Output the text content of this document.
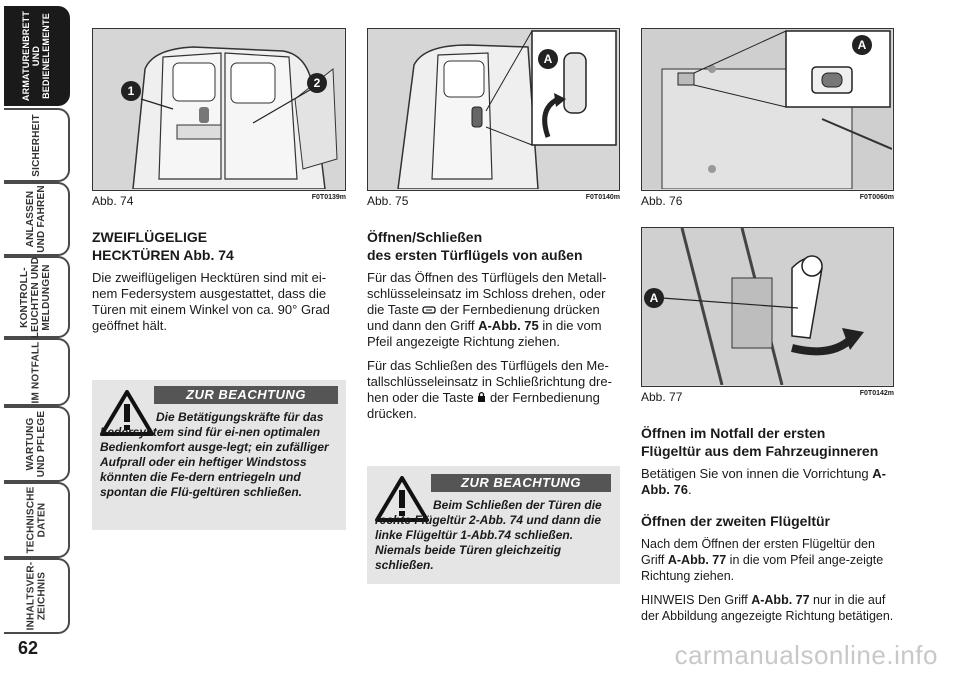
ARMATURENBRETT
UND
BEDIENELEMENTE
SICHERHEIT
ANLASSEN
UND FAHREN
KONTROLL-
LEUCHTEN UND
MELDUNGEN
IM NOTFALL
WARTUNG
UND PFLEGE
TECHNISCHE
DATEN
INHALTSVER-
ZEICHNIS
62
1
2
Abb. 74	F0T0139m
A
Abb. 75	F0T0140m
A
Abb. 76	F0T0060m
A
Abb. 77	F0T0142m
ZWEIFLÜGELIGE
HECKTÜREN Abb. 74

Die zweiflügeligen Hecktüren sind mit ei-nem Federsystem ausgestattet, dass die Türen mit einem Winkel von ca. 90° Grad geöffnet hält.

ZUR BEACHTUNG
Die Betätigungskräfte für das Federsystem sind für ei-nen optimalen Bedienkomfort ausge-legt; ein zufälliger Aufprall oder ein heftiger Windstoss könnten die Fe-dern entriegeln und spontan die Flü-geltüren schließen.
Öffnen/Schließen
des ersten Türflügels von außen

Für das Öffnen des Türflügels den Metall-schlüsseleinsatz im Schloss drehen, oder die Taste  der Fernbedienung drücken und dann den Griff A-Abb. 75 in die vom Pfeil angezeigte Richtung ziehen.

Für das Schließen des Türflügels den Me-tallschlüsseleinsatz in Schließrichtung dre-hen oder die Taste  der Fernbedienung drücken.

ZUR BEACHTUNG
Beim Schließen der Türen die rechte Flügeltür 2-Abb. 74 und dann die linke Flügeltür 1-Abb.74 schließen. Niemals beide Türen gleichzeitig schließen.
Öffnen im Notfall der ersten
Flügeltür aus dem Fahrzeuginneren

Betätigen Sie von innen die Vorrichtung A-Abb. 76.

Öffnen der zweiten Flügeltür

Nach dem Öffnen der ersten Flügeltür den Griff A-Abb. 77 in die vom Pfeil ange-zeigte Richtung ziehen.

HINWEIS Den Griff A-Abb. 77 nur in die auf der Abbildung angezeigte Richtung betätigen.

carmanualsonline.info
